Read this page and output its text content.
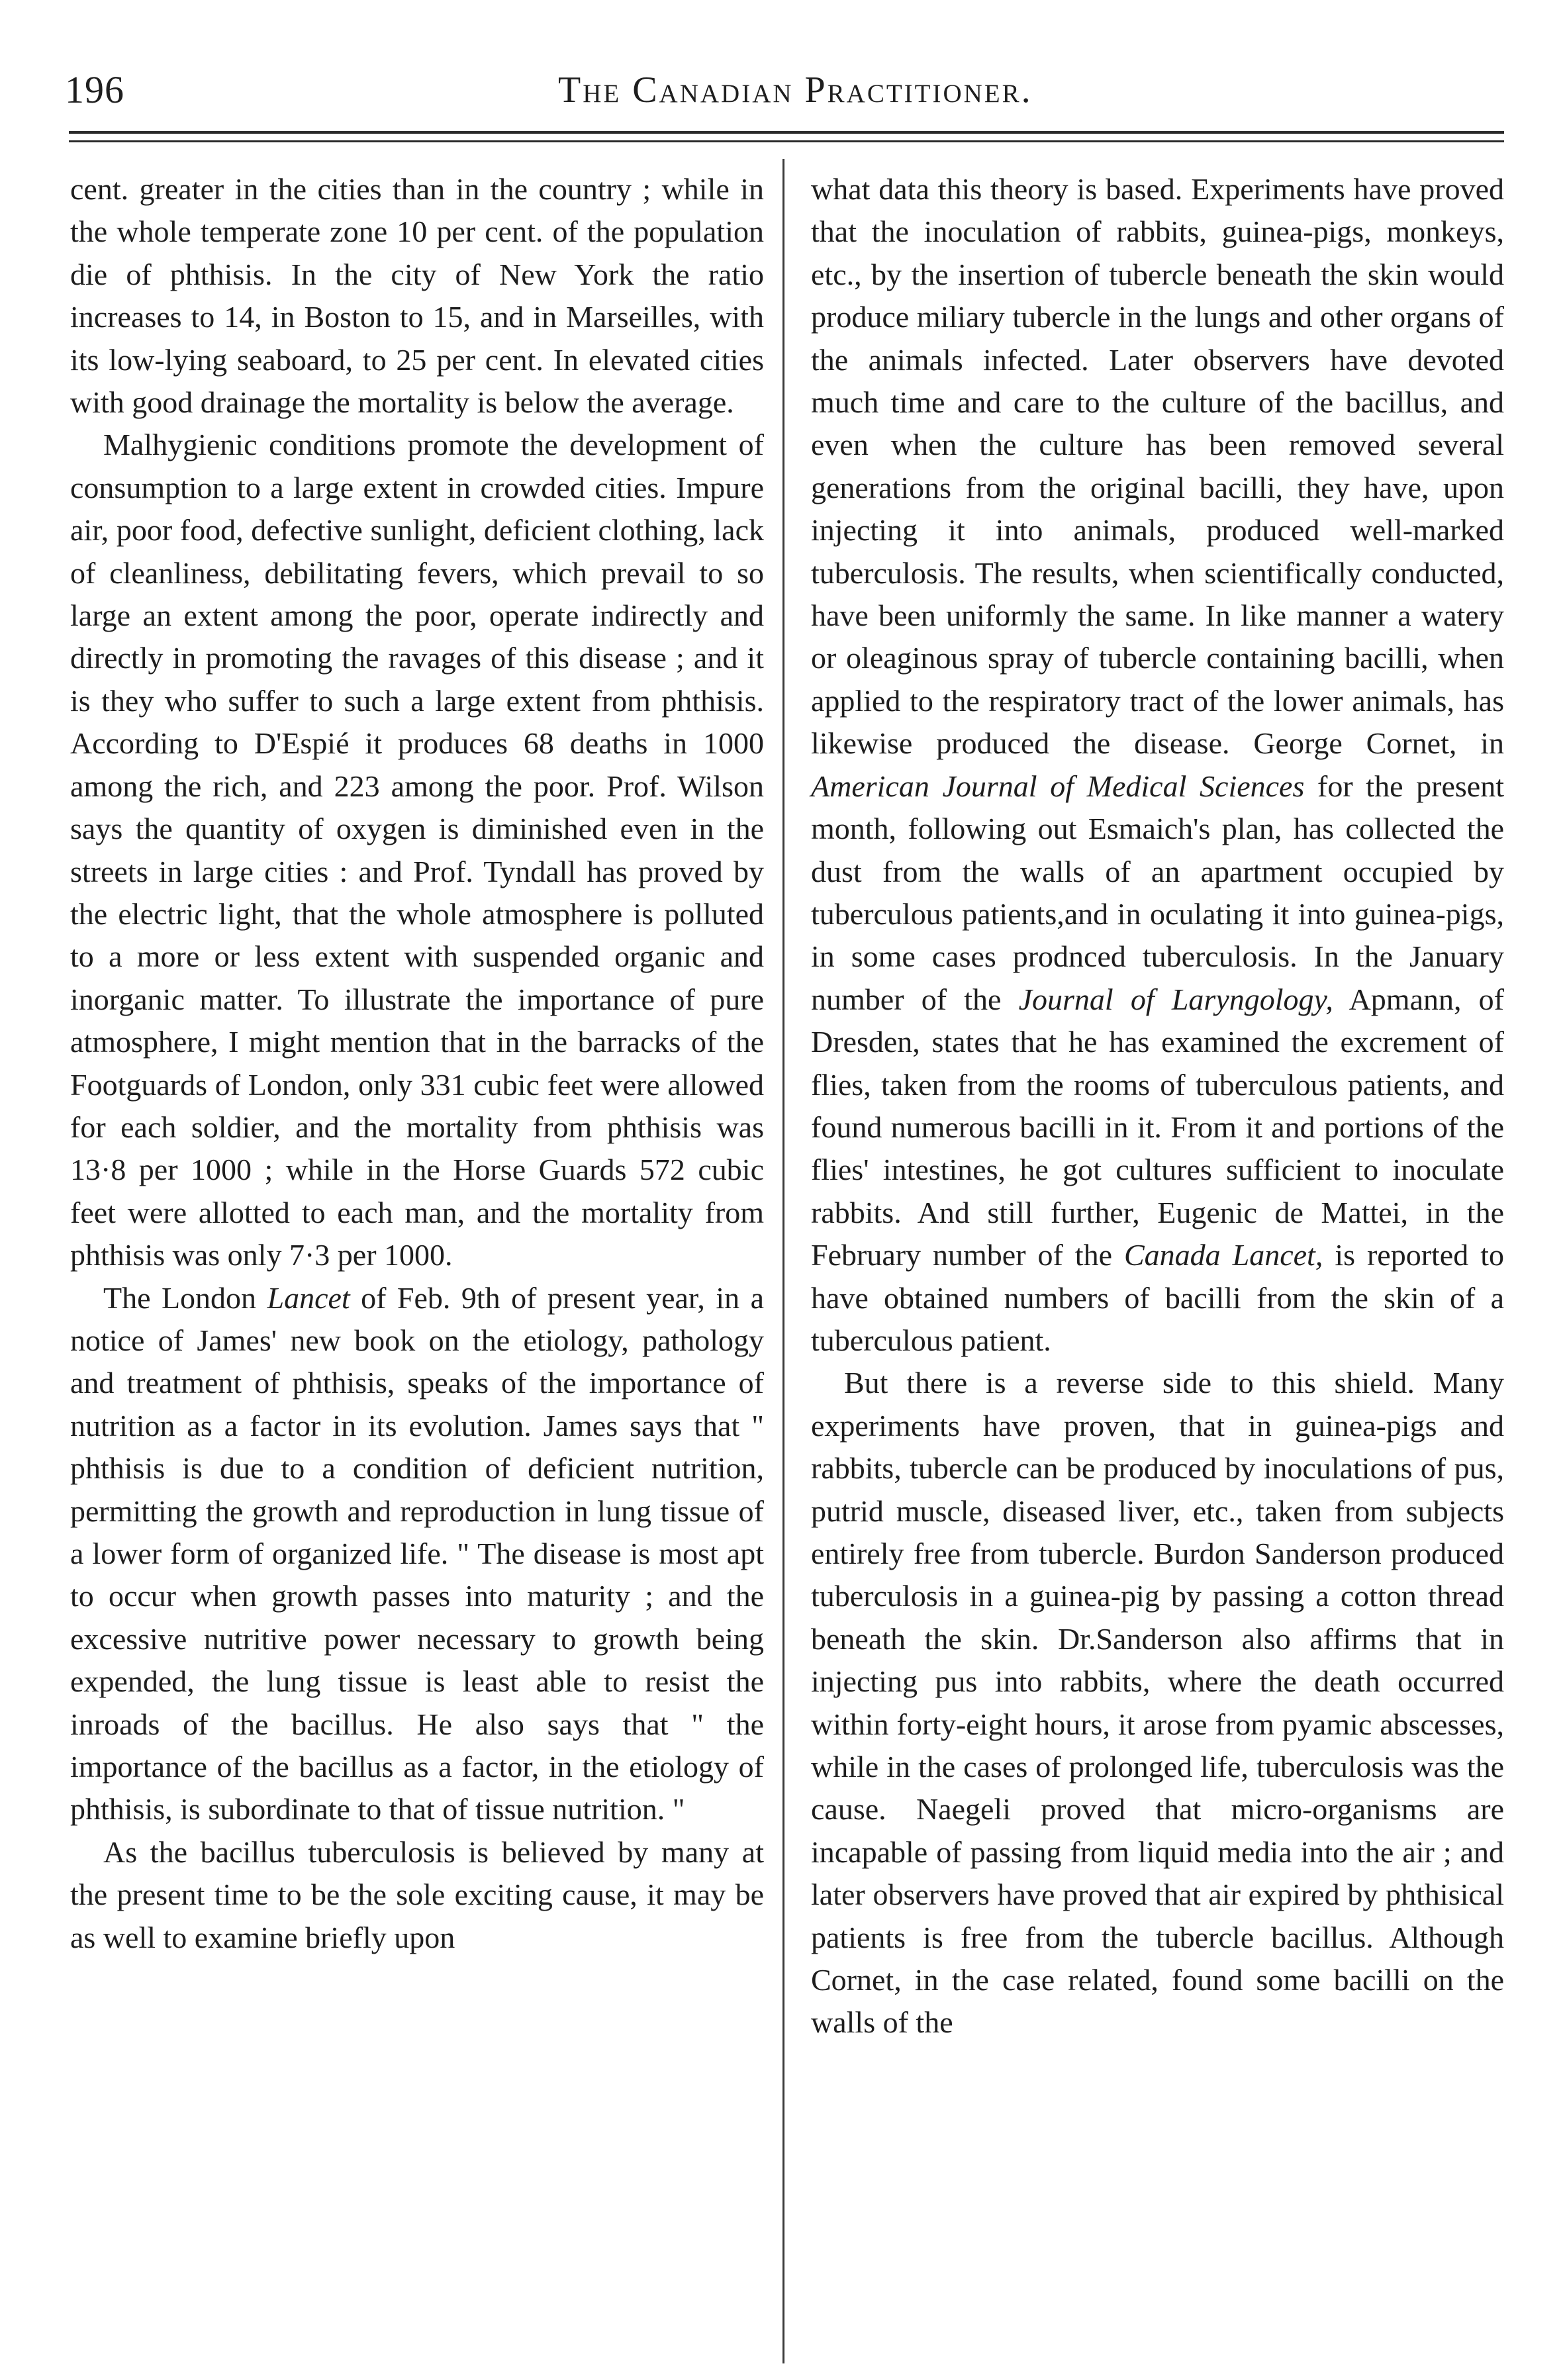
196	The Canadian Practitioner.

cent. greater in the cities than in the country ; while in the whole temperate zone 10 per cent. of the population die of phthisis. In the city of New York the ratio increases to 14, in Boston to 15, and in Marseilles, with its low-lying seaboard, to 25 per cent. In elevated cities with good drainage the mortality is below the average.

Malhygienic conditions promote the development of consumption to a large extent in crowded cities. Impure air, poor food, defective sunlight, deficient clothing, lack of cleanliness, debilitating fevers, which prevail to so large an extent among the poor, operate indirectly and directly in promoting the ravages of this disease ; and it is they who suffer to such a large extent from phthisis. According to D'Espié it produces 68 deaths in 1000 among the rich, and 223 among the poor. Prof. Wilson says the quantity of oxygen is diminished even in the streets in large cities : and Prof. Tyndall has proved by the electric light, that the whole atmosphere is polluted to a more or less extent with suspended organic and inorganic matter. To illustrate the importance of pure atmosphere, I might mention that in the barracks of the Footguards of London, only 331 cubic feet were allowed for each soldier, and the mortality from phthisis was 13·8 per 1000 ; while in the Horse Guards 572 cubic feet were allotted to each man, and the mortality from phthisis was only 7·3 per 1000.

The London Lancet of Feb. 9th of present year, in a notice of James' new book on the etiology, pathology and treatment of phthisis, speaks of the importance of nutrition as a factor in its evolution. James says that " phthisis is due to a condition of deficient nutrition, permitting the growth and reproduction in lung tissue of a lower form of organized life. " The disease is most apt to occur when growth passes into maturity ; and the excessive nutritive power necessary to growth being expended, the lung tissue is least able to resist the inroads of the bacillus. He also says that " the importance of the bacillus as a factor, in the etiology of phthisis, is subordinate to that of tissue nutrition. "

As the bacillus tuberculosis is believed by many at the present time to be the sole exciting cause, it may be as well to examine briefly upon

what data this theory is based. Experiments have proved that the inoculation of rabbits, guinea-pigs, monkeys, etc., by the insertion of tubercle beneath the skin would produce miliary tubercle in the lungs and other organs of the animals infected. Later observers have devoted much time and care to the culture of the bacillus, and even when the culture has been removed several generations from the original bacilli, they have, upon injecting it into animals, produced well-marked tuberculosis. The results, when scientifically conducted, have been uniformly the same. In like manner a watery or oleaginous spray of tubercle containing bacilli, when applied to the respiratory tract of the lower animals, has likewise produced the disease. George Cornet, in American Journal of Medical Sciences for the present month, following out Esmaich's plan, has collected the dust from the walls of an apartment occupied by tuberculous patients,and in oculating it into guinea-pigs, in some cases prodnced tuberculosis. In the January number of the Journal of Laryngology, Apmann, of Dresden, states that he has examined the excrement of flies, taken from the rooms of tuberculous patients, and found numerous bacilli in it. From it and portions of the flies' intestines, he got cultures sufficient to inoculate rabbits. And still further, Eugenic de Mattei, in the February number of the Canada Lancet, is reported to have obtained numbers of bacilli from the skin of a tuberculous patient.

But there is a reverse side to this shield. Many experiments have proven, that in guinea-pigs and rabbits, tubercle can be produced by inoculations of pus, putrid muscle, diseased liver, etc., taken from subjects entirely free from tubercle. Burdon Sanderson produced tuberculosis in a guinea-pig by passing a cotton thread beneath the skin. Dr.Sanderson also affirms that in injecting pus into rabbits, where the death occurred within forty-eight hours, it arose from pyamic abscesses, while in the cases of prolonged life, tuberculosis was the cause. Naegeli proved that micro-organisms are incapable of passing from liquid media into the air ; and later observers have proved that air expired by phthisical patients is free from the tubercle bacillus. Although Cornet, in the case related, found some bacilli on the walls of the
